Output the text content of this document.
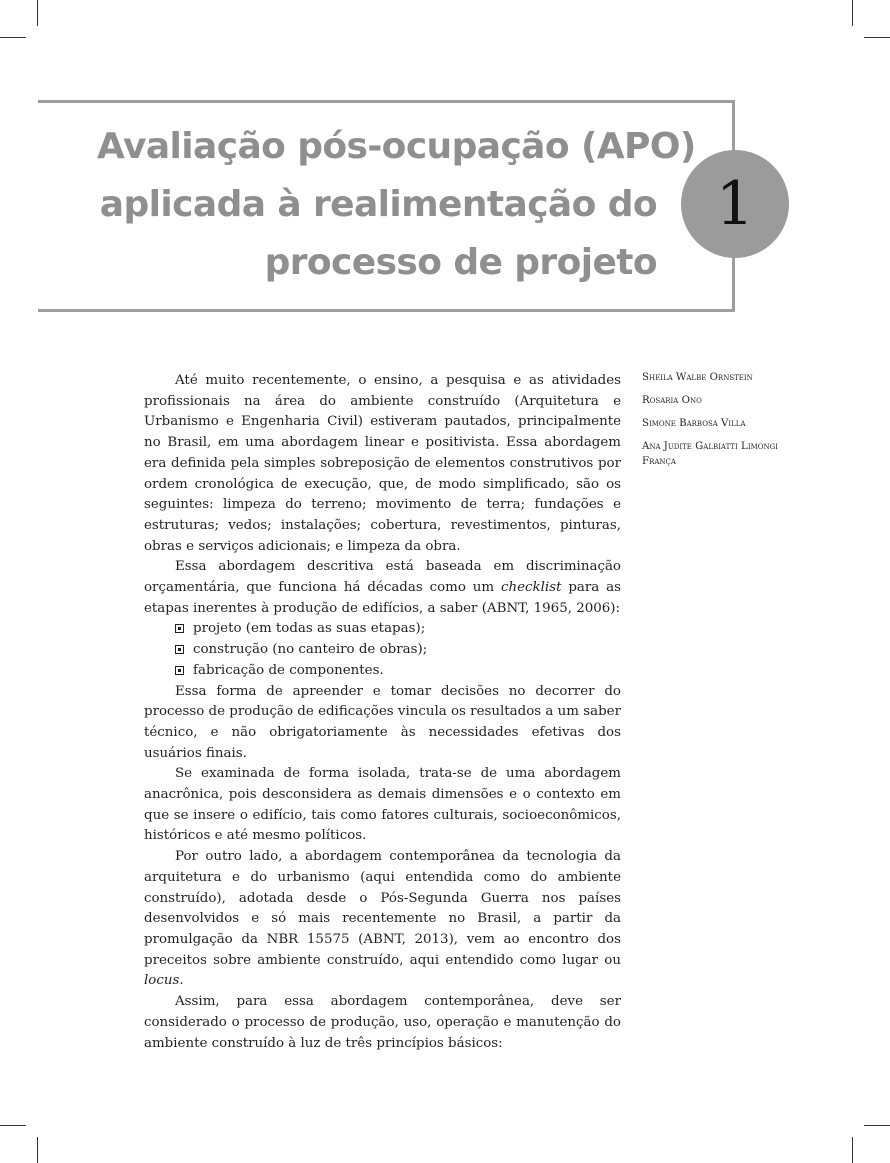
Avaliação pós-ocupação (APO)
aplicada à realimentação do
processo de projeto
1
Sheila Walbe Ornstein
Rosaria Ono
Simone Barbosa Villa
Ana Judite Galbiatti Limongi França

Até muito recentemente, o ensino, a pesquisa e as atividades profissionais na área do ambiente construído (Arquitetura e Urbanismo e Engenharia Civil) estiveram pautados, principalmente no Brasil, em uma abordagem linear e positivista. Essa abordagem era definida pela simples sobreposição de elementos construtivos por ordem cronológica de execução, que, de modo simplificado, são os seguintes: limpeza do terreno; movimento de terra; fundações e estruturas; vedos; instalações; cobertura, revestimentos, pinturas, obras e serviços adicionais; e limpeza da obra.

Essa abordagem descritiva está baseada em discriminação orçamentária, que funciona há décadas como um checklist para as etapas inerentes à produção de edifícios, a saber (ABNT, 1965, 2006):

projeto (em todas as suas etapas);
construção (no canteiro de obras);
fabricação de componentes.

Essa forma de apreender e tomar decisões no decorrer do processo de produção de edificações vincula os resultados a um saber técnico, e não obrigatoriamente às necessidades efetivas dos usuários finais.

Se examinada de forma isolada, trata-se de uma abordagem anacrônica, pois desconsidera as demais dimensões e o contexto em que se insere o edifício, tais como fatores culturais, socioeconômicos, históricos e até mesmo políticos.

Por outro lado, a abordagem contemporânea da tecnologia da arquitetura e do urbanismo (aqui entendida como do ambiente construído), adotada desde o Pós-Segunda Guerra nos países desenvolvidos e só mais recentemente no Brasil, a partir da promulgação da NBR 15575 (ABNT, 2013), vem ao encontro dos preceitos sobre ambiente construído, aqui entendido como lugar ou locus.

Assim, para essa abordagem contemporânea, deve ser considerado o processo de produção, uso, operação e manutenção do ambiente construído à luz de três princípios básicos:
